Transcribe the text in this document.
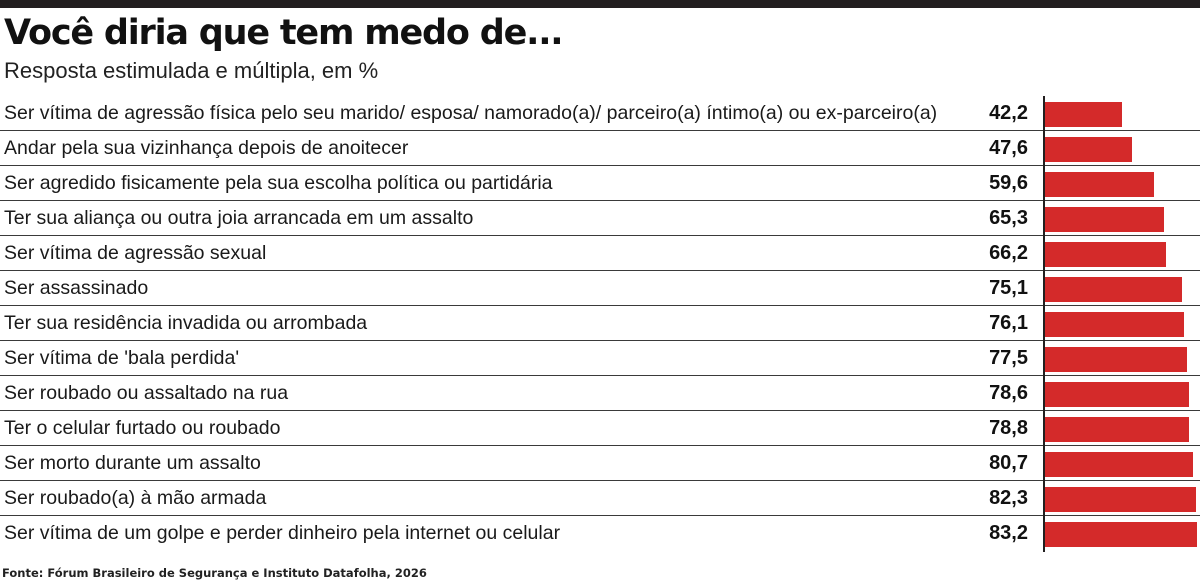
Você diria que tem medo de...
Resposta estimulada e múltipla, em %
Ser vítima de agressão física pelo seu marido/ esposa/ namorado(a)/ parceiro(a) íntimo(a) ou ex-parceiro(a)	42,2
Andar pela sua vizinhança depois de anoitecer	47,6
Ser agredido fisicamente pela sua escolha política ou partidária	59,6
Ter sua aliança ou outra joia arrancada em um assalto	65,3
Ser vítima de agressão sexual	66,2
Ser assassinado	75,1
Ter sua residência invadida ou arrombada	76,1
Ser vítima de 'bala perdida'	77,5
Ser roubado ou assaltado na rua	78,6
Ter o celular furtado ou roubado	78,8
Ser morto durante um assalto	80,7
Ser roubado(a) à mão armada	82,3
Ser vítima de um golpe e perder dinheiro pela internet ou celular	83,2
Fonte: Fórum Brasileiro de Segurança e Instituto Datafolha, 2026
